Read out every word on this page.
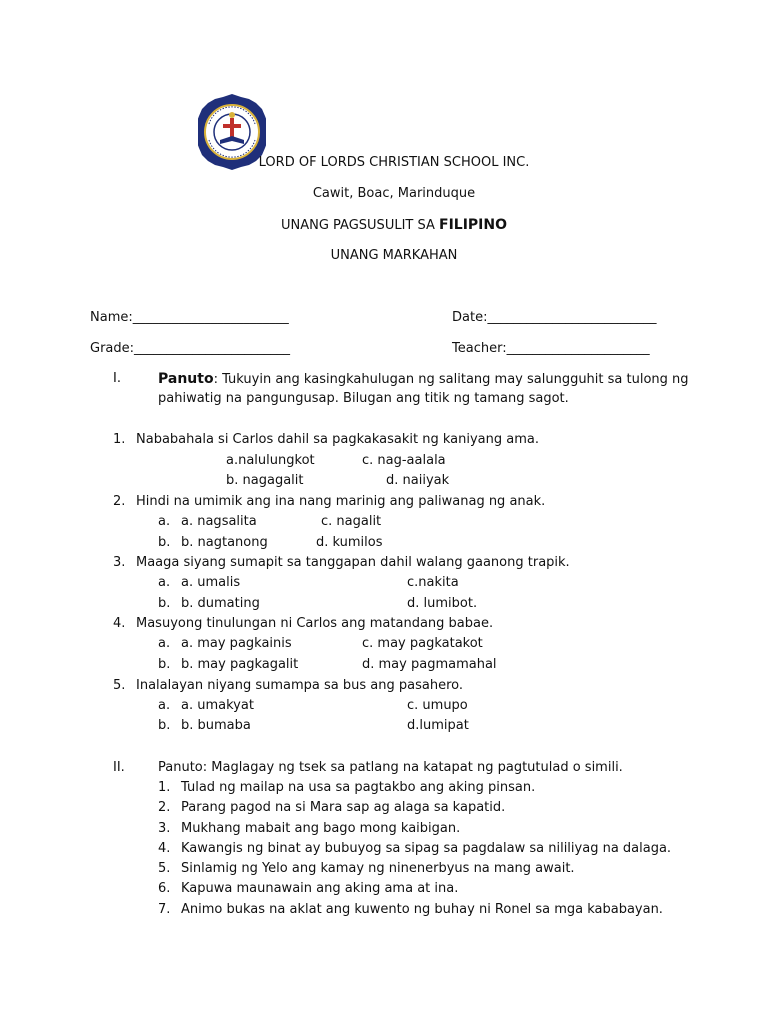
LORD OF LORDS CHRISTIAN SCHOOL INC.
Cawit, Boac, Marinduque
UNANG PAGSUSULIT SA FILIPINO
UNANG MARKAHAN
Name:________________________	Date:__________________________
Grade:________________________	Teacher:______________________
I.	Panuto: Tukuyin ang kasingkahulugan ng salitang may salungguhit sa tulong ng
pahiwatig na pangungusap. Bilugan ang titik ng tamang sagot.
1. Nababahala si Carlos dahil sa pagkakasakit ng kaniyang ama.
a.nalulungkot	c. nag-aalala
b. nagagalit	d. naiiyak
2. Hindi na umimik ang ina nang marinig ang paliwanag ng anak.
a. a. nagsalita	c. nagalit
b. b. nagtanong	d. kumilos
3. Maaga siyang sumapit sa tanggapan dahil walang gaanong trapik.
a. a. umalis	c.nakita
b. b. dumating	d. lumibot.
4. Masuyong tinulungan ni Carlos ang matandang babae.
a. a. may pagkainis	c. may pagkatakot
b. b. may pagkagalit	d. may pagmamahal
5. Inalalayan niyang sumampa sa bus ang pasahero.
a. a. umakyat	c. umupo
b. b. bumaba	d.lumipat
II.	Panuto: Maglagay ng tsek sa patlang na katapat ng pagtutulad o simili.
1. Tulad ng mailap na usa sa pagtakbo ang aking pinsan.
2. Parang pagod na si Mara sap ag alaga sa kapatid.
3. Mukhang mabait ang bago mong kaibigan.
4. Kawangis ng binat ay bubuyog sa sipag sa pagdalaw sa nililiyag na dalaga.
5. Sinlamig ng Yelo ang kamay ng ninenerbyus na mang await.
6. Kapuwa maunawain ang aking ama at ina.
7. Animo bukas na aklat ang kuwento ng buhay ni Ronel sa mga kababayan.
